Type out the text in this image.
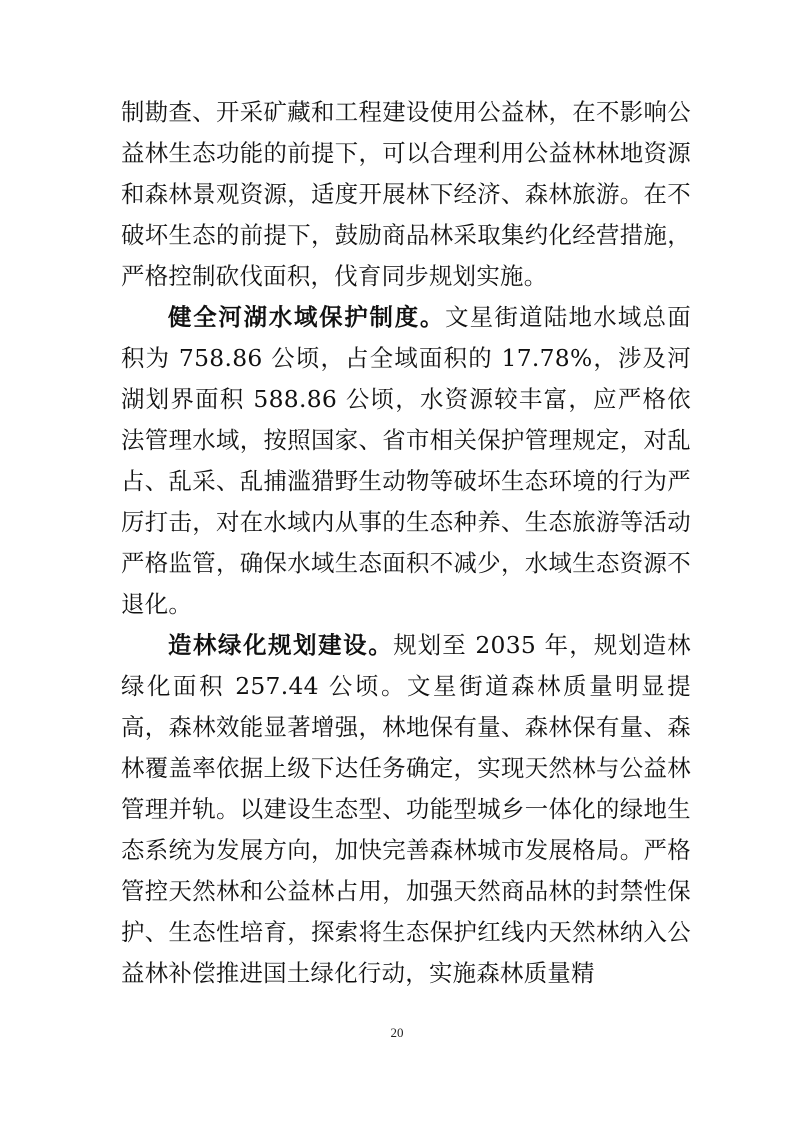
制勘查、开采矿藏和工程建设使用公益林，在不影响公益林生态功能的前提下，可以合理利用公益林林地资源和森林景观资源，适度开展林下经济、森林旅游。在不破坏生态的前提下，鼓励商品林采取集约化经营措施，严格控制砍伐面积，伐育同步规划实施。

健全河湖水域保护制度。文星街道陆地水域总面积为 758.86 公顷，占全域面积的 17.78%，涉及河湖划界面积 588.86 公顷，水资源较丰富，应严格依法管理水域，按照国家、省市相关保护管理规定，对乱占、乱采、乱捕滥猎野生动物等破坏生态环境的行为严厉打击，对在水域内从事的生态种养、生态旅游等活动严格监管，确保水域生态面积不减少，水域生态资源不退化。

造林绿化规划建设。规划至 2035 年，规划造林绿化面积 257.44 公顷。文星街道森林质量明显提高，森林效能显著增强，林地保有量、森林保有量、森林覆盖率依据上级下达任务确定，实现天然林与公益林管理并轨。以建设生态型、功能型城乡一体化的绿地生态系统为发展方向，加快完善森林城市发展格局。严格管控天然林和公益林占用，加强天然商品林的封禁性保护、生态性培育，探索将生态保护红线内天然林纳入公益林补偿推进国土绿化行动，实施森林质量精

20
